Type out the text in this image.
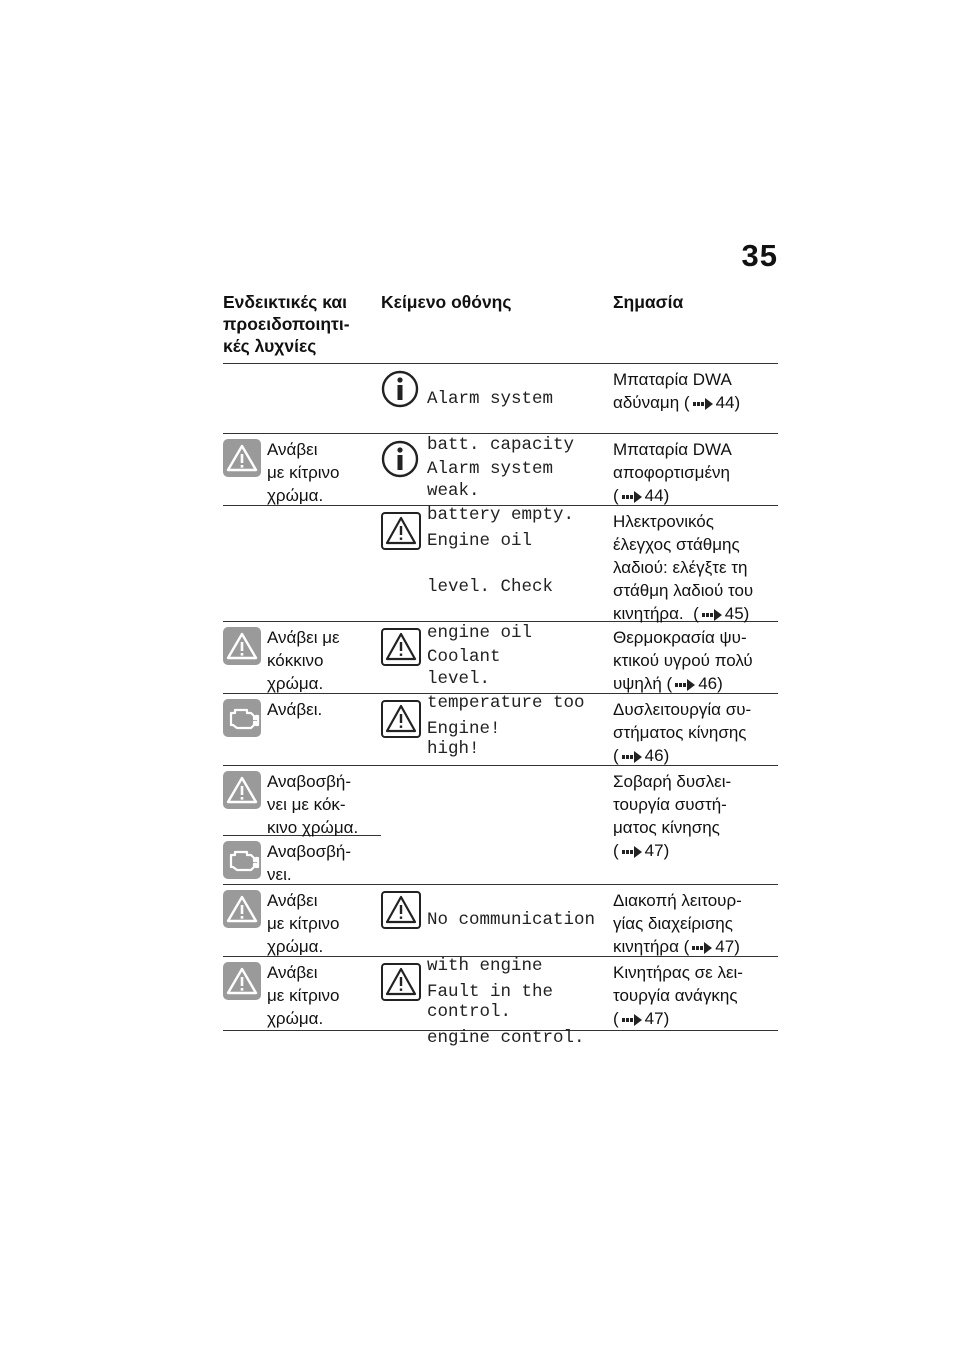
35
Ενδεικτικές και
προειδοποιητι-
κές λυχνίες
Κείμενο οθόνης	Σημασία

Alarm system

batt. capacity

weak.

Μπαταρία DWA
αδύναμη ( 44)
Ανάβει
με κίτρινο
χρώμα.

Alarm system

battery empty.

Μπαταρία DWA
αποφορτισμένη
( 44)

Engine oil

level. Check

engine oil

level.

Ηλεκτρονικός
έλεγχος στάθμης
λαδιού: ελέγξτε τη
στάθμη λαδιού του
κινητήρα.  ( 45)
Ανάβει με
κόκκινο
χρώμα.

Coolant

temperature too

high!

Θερμοκρασία ψυ-
κτικού υγρού πολύ
υψηλή ( 46)
Ανάβει.

Engine!

Δυσλειτουργία συ-
στήματος κίνησης
( 46)
Αναβοσβή-
νει με κόκ-
κινο χρώμα.
Αναβοσβή-
νει.
Σοβαρή δυσλει-
τουργία συστή-
ματος κίνησης
( 47)
Ανάβει
με κίτρινο
χρώμα.

No communication

with engine

control.

Διακοπή λειτουρ-
γίας διαχείρισης
κινητήρα ( 47)
Ανάβει
με κίτρινο
χρώμα.

Fault in the

engine control.

Κινητήρας σε λει-
τουργία ανάγκης
( 47)
